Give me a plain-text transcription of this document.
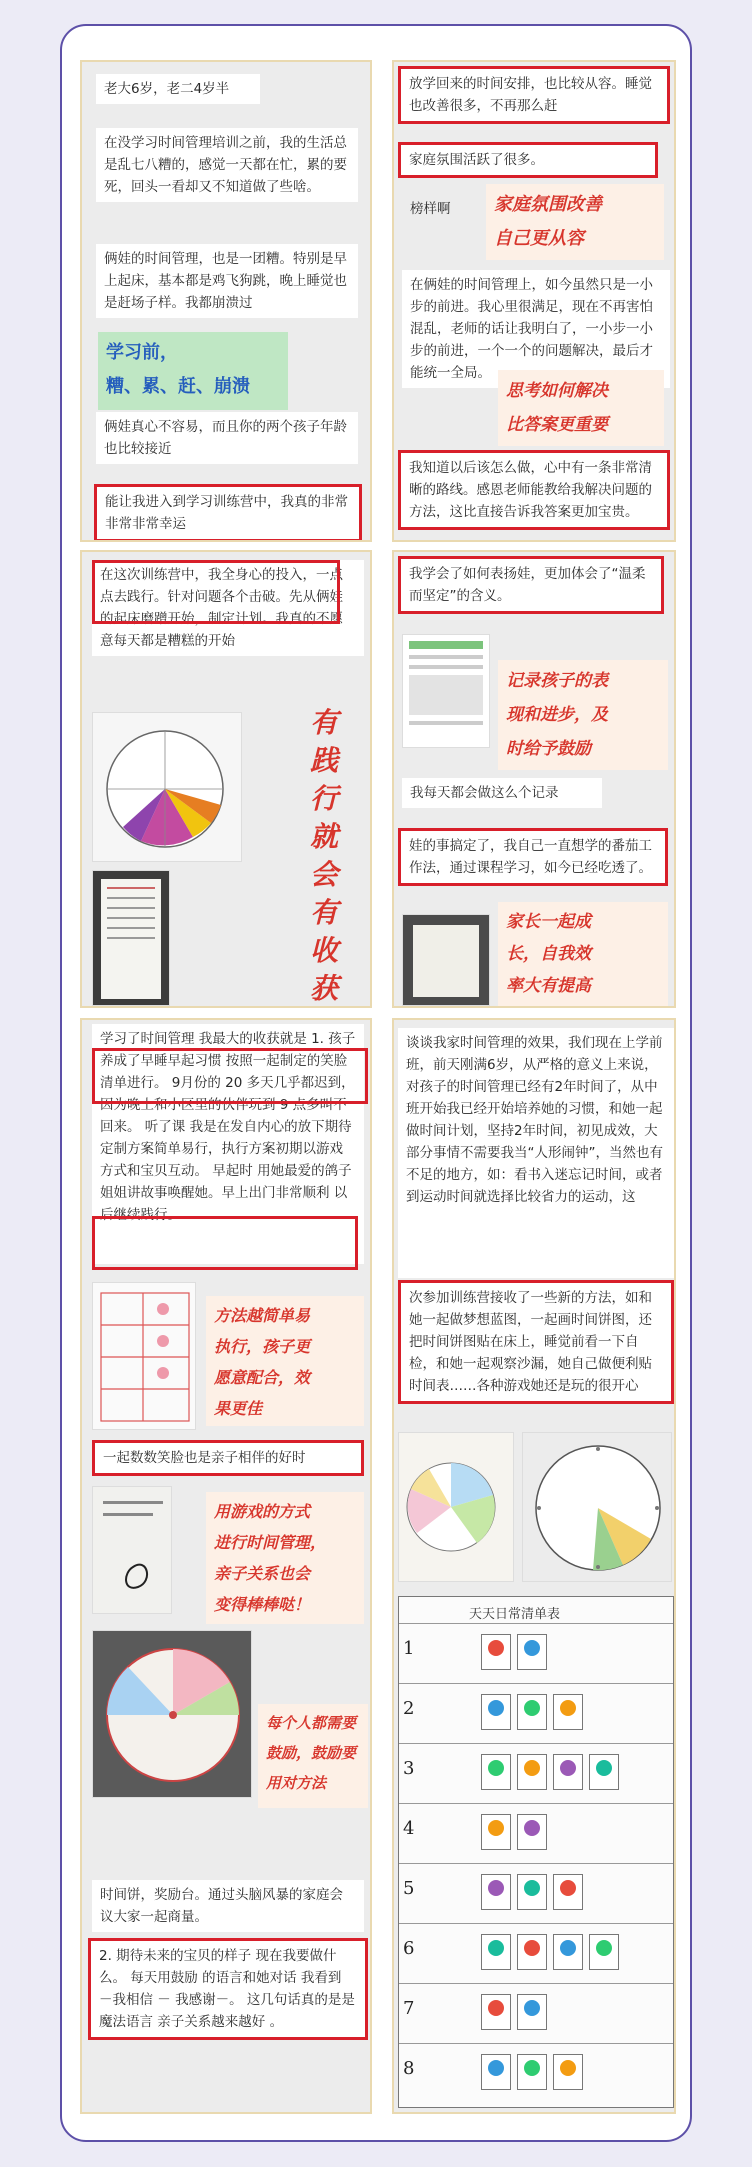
老大6岁，老二4岁半
在没学习时间管理培训之前，我的生活总是乱七八糟的，感觉一天都在忙，累的要死，回头一看却又不知道做了些啥。
俩娃的时间管理，也是一团糟。特别是早上起床，基本都是鸡飞狗跳，晚上睡觉也是赶场子样。我都崩溃过
学习前，
糟、累、赶、崩溃
俩娃真心不容易，而且你的两个孩子年龄也比较接近
能让我进入到学习训练营中，我真的非常非常非常幸运
放学回来的时间安排，也比较从容。睡觉也改善很多，不再那么赶
家庭氛围活跃了很多。
榜样啊	家庭氛围改善
自己更从容
在俩娃的时间管理上，如今虽然只是一小步的前进。我心里很满足，现在不再害怕混乱，老师的话让我明白了，一小步一小步的前进，一个一个的问题解决，最后才能统一全局。
思考如何解决
比答案更重要
我知道以后该怎么做，心中有一条非常清晰的路线。感恩老师能教给我解决问题的方法，这比直接告诉我答案更加宝贵。
在这次训练营中，我全身心的投入，一点点去践行。针对问题各个击破。先从俩娃的起床磨蹭开始，制定计划。我真的不愿意每天都是糟糕的开始
有
践
行
就
会
有
收
获
我学会了如何表扬娃，更加体会了“温柔而坚定”的含义。
记录孩子的表
现和进步，及
时给予鼓励
我每天都会做这么个记录
娃的事搞定了，我自己一直想学的番茄工作法，通过课程学习，如今已经吃透了。
家长一起成
长，自我效
率大有提高
学习了时间管理 我最大的收获就是 1. 孩子养成了早睡早起习惯 按照一起制定的笑脸清单进行。 9月份的 20 多天几乎都迟到，因为晚上和小区里的伙伴玩到 9 点多叫不回来。 听了课 我是在发自内心的放下期待 定制方案简单易行，执行方案初期以游戏方式和宝贝互动。 早起时 用她最爱的鸽子姐姐讲故事唤醒她。早上出门非常顺利 以后继续践行。
方法越简单易
执行，孩子更
愿意配合，效
果更佳
一起数数笑脸也是亲子相伴的好时
用游戏的方式
进行时间管理，
亲子关系也会
变得棒棒哒！
每个人都需要
鼓励，鼓励要
用对方法
时间饼，奖励台。通过头脑风暴的家庭会议大家一起商量。
2. 期待未来的宝贝的样子 现在我要做什么。 每天用鼓励 的语言和她对话 我看到 －我相信 － 我感谢－。 这几句话真的是是魔法语言 亲子关系越来越好 。
谈谈我家时间管理的效果，我们现在上学前班，前天刚满6岁，从严格的意义上来说，对孩子的时间管理已经有2年时间了，从中班开始我已经开始培养她的习惯，和她一起做时间计划，坚持2年时间，初见成效，大部分事情不需要我当“人形闹钟”，当然也有不足的地方，如：看书入迷忘记时间，或者到运动时间就选择比较省力的运动，这
次参加训练营接收了一些新的方法，如和她一起做梦想蓝图，一起画时间饼图，还把时间饼图贴在床上，睡觉前看一下自检，和她一起观察沙漏，她自己做便利贴时间表……各种游戏她还是玩的很开心
天天日常清单表
1
2
3
4
5
6
7
8
